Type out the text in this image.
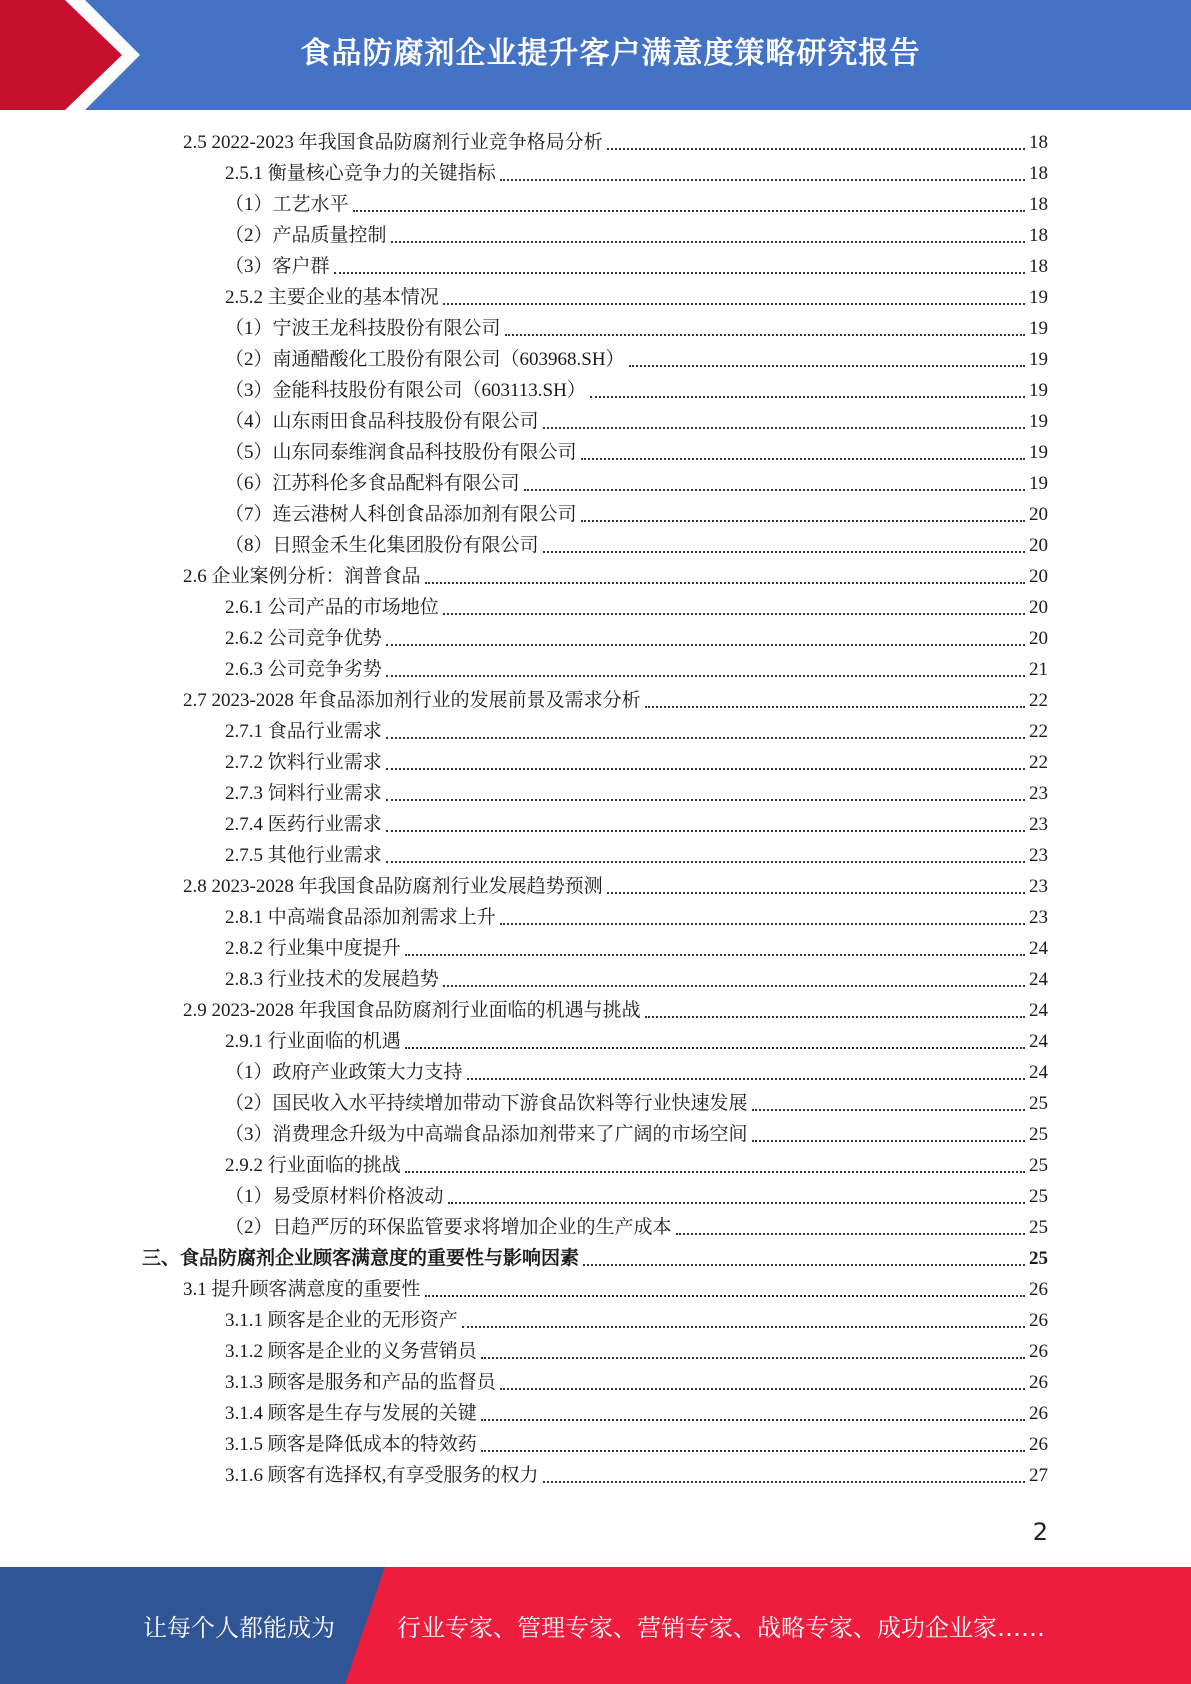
食品防腐剂企业提升客户满意度策略研究报告
2.5 2022-2023 年我国食品防腐剂行业竞争格局分析	18
2.5.1 衡量核心竞争力的关键指标	18
（1）工艺水平	18
（2）产品质量控制	18
（3）客户群	18
2.5.2 主要企业的基本情况	19
（1）宁波王龙科技股份有限公司	19
（2）南通醋酸化工股份有限公司（603968.SH）	19
（3）金能科技股份有限公司（603113.SH）	19
（4）山东雨田食品科技股份有限公司	19
（5）山东同泰维润食品科技股份有限公司	19
（6）江苏科伦多食品配料有限公司	19
（7）连云港树人科创食品添加剂有限公司	20
（8）日照金禾生化集团股份有限公司	20
2.6 企业案例分析：润普食品	20
2.6.1 公司产品的市场地位	20
2.6.2 公司竞争优势	20
2.6.3 公司竞争劣势	21
2.7 2023-2028 年食品添加剂行业的发展前景及需求分析	22
2.7.1 食品行业需求	22
2.7.2 饮料行业需求	22
2.7.3 饲料行业需求	23
2.7.4 医药行业需求	23
2.7.5 其他行业需求	23
2.8 2023-2028 年我国食品防腐剂行业发展趋势预测	23
2.8.1 中高端食品添加剂需求上升	23
2.8.2 行业集中度提升	24
2.8.3 行业技术的发展趋势	24
2.9 2023-2028 年我国食品防腐剂行业面临的机遇与挑战	24
2.9.1 行业面临的机遇	24
（1）政府产业政策大力支持	24
（2）国民收入水平持续增加带动下游食品饮料等行业快速发展	25
（3）消费理念升级为中高端食品添加剂带来了广阔的市场空间	25
2.9.2 行业面临的挑战	25
（1）易受原材料价格波动	25
（2）日趋严厉的环保监管要求将增加企业的生产成本	25
三、食品防腐剂企业顾客满意度的重要性与影响因素	25
3.1 提升顾客满意度的重要性	26
3.1.1 顾客是企业的无形资产	26
3.1.2 顾客是企业的义务营销员	26
3.1.3 顾客是服务和产品的监督员	26
3.1.4 顾客是生存与发展的关键	26
3.1.5 顾客是降低成本的特效药	26
3.1.6 顾客有选择权,有享受服务的权力	27
2
让每个人都能成为	行业专家、管理专家、营销专家、战略专家、成功企业家……
